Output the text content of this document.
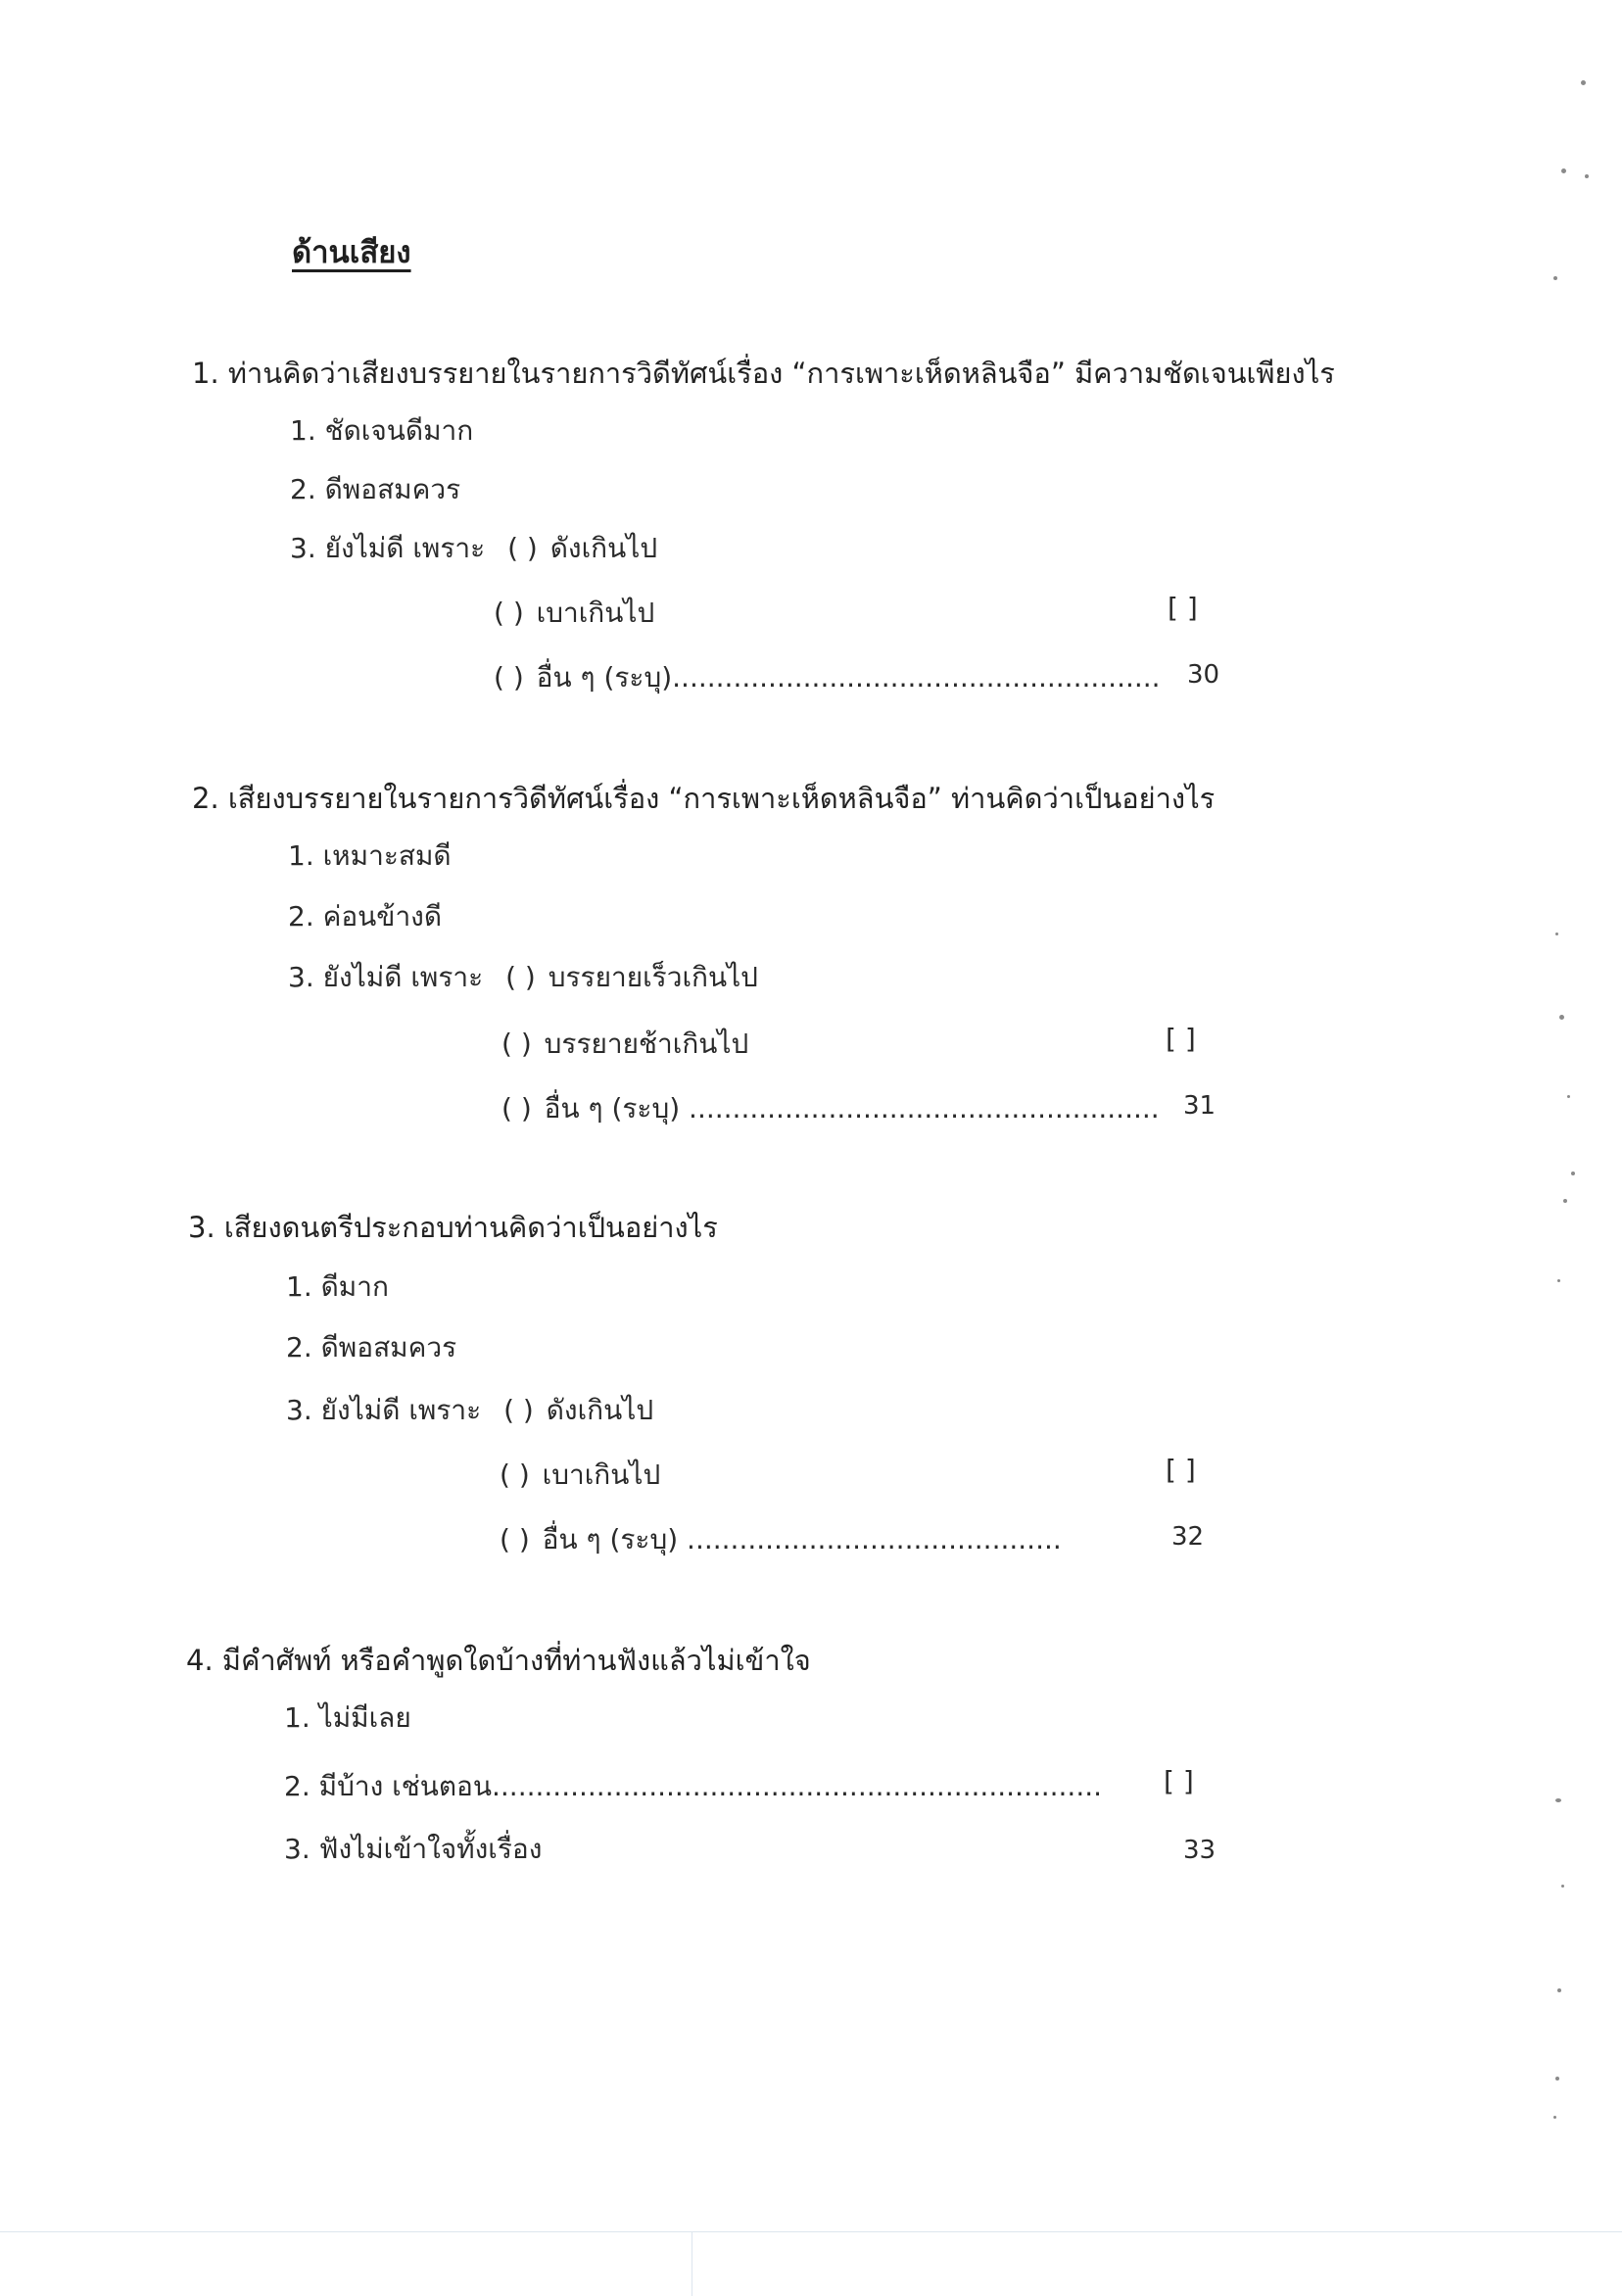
ด้านเสียง
1. ท่านคิดว่าเสียงบรรยายในรายการวิดีทัศน์เรื่อง “การเพาะเห็ดหลินจือ” มีความชัดเจนเพียงไร
1. ชัดเจนดีมาก
2. ดีพอสมควร
3. ยังไม่ดี เพราะ ( ) ดังเกินไป
( ) เบาเกินไป
( ) อื่น ๆ (ระบุ)........................................................
[ ]
30
2. เสียงบรรยายในรายการวิดีทัศน์เรื่อง “การเพาะเห็ดหลินจือ” ท่านคิดว่าเป็นอย่างไร
1. เหมาะสมดี
2. ค่อนข้างดี
3. ยังไม่ดี เพราะ ( ) บรรยายเร็วเกินไป
( ) บรรยายช้าเกินไป
( ) อื่น ๆ (ระบุ) ......................................................
[ ]
31
3. เสียงดนตรีประกอบท่านคิดว่าเป็นอย่างไร
1. ดีมาก
2. ดีพอสมควร
3. ยังไม่ดี เพราะ ( ) ดังเกินไป
( ) เบาเกินไป
( ) อื่น ๆ (ระบุ) ...........................................
[ ]
32
4. มีคำศัพท์ หรือคำพูดใดบ้างที่ท่านฟังแล้วไม่เข้าใจ
1. ไม่มีเลย
2. มีบ้าง เช่นตอน......................................................................
3. ฟังไม่เข้าใจทั้งเรื่อง
[ ]
33
